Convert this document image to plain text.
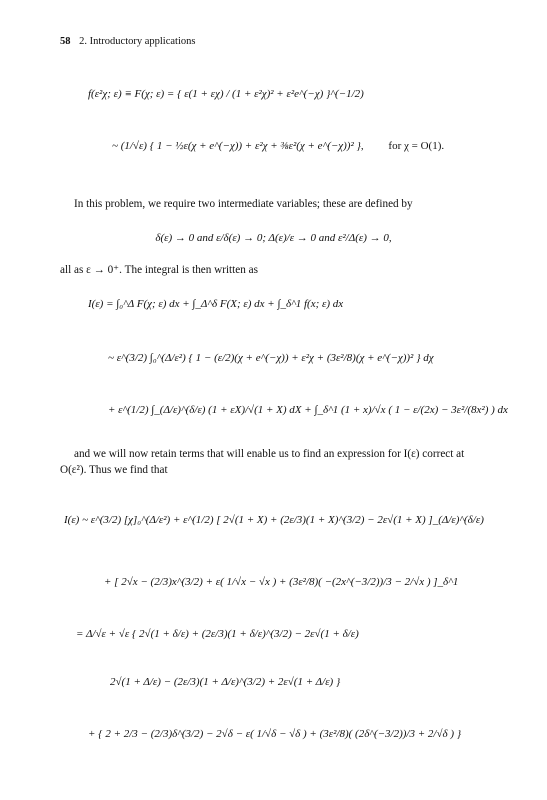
58 2. Introductory applications
f(ε²χ; ε) ≡ F(χ; ε) = { ε(1 + εχ) / (1 + ε²χ)² + ε²e^(−χ) }^(−1/2)
~ (1/√ε) { 1 − ½ε(χ + e^(−χ)) + ε²χ + ⅜ε²(χ + e^(−χ))² }, for χ = O(1).
In this problem, we require two intermediate variables; these are defined by
δ(ε) → 0 and ε/δ(ε) → 0; Δ(ε)/ε → 0 and ε²/Δ(ε) → 0,
all as ε → 0⁺. The integral is then written as
I(ε) = ∫₀^Δ F(χ; ε) dx + ∫_Δ^δ F(X; ε) dx + ∫_δ^1 f(x; ε) dx
~ ε^(3/2) ∫₀^(Δ/ε²) { 1 − (ε/2)(χ + e^(−χ)) + ε²χ + (3ε²/8)(χ + e^(−χ))² } dχ
+ ε^(1/2) ∫_(Δ/ε)^(δ/ε) (1 + εX)/√(1 + X) dX + ∫_δ^1 (1 + x)/√x ( 1 − ε/(2x) − 3ε²/(8x²) ) dx
and we will now retain terms that will enable us to find an expression for I(ε) correct at O(ε²). Thus we find that
I(ε) ~ ε^(3/2) [χ]₀^(Δ/ε²) + ε^(1/2) [ 2√(1 + X) + (2ε/3)(1 + X)^(3/2) − 2ε√(1 + X) ]_(Δ/ε)^(δ/ε)
+ [ 2√x − (2/3)x^(3/2) + ε( 1/√x − √x ) + (3ε²/8)( −(2x^(−3/2))/3 − 2/√x ) ]_δ^1
= Δ/√ε + √ε { 2√(1 + δ/ε) + (2ε/3)(1 + δ/ε)^(3/2) − 2ε√(1 + δ/ε)
2√(1 + Δ/ε) − (2ε/3)(1 + Δ/ε)^(3/2) + 2ε√(1 + Δ/ε) }
+ { 2 + 2/3 − (2/3)δ^(3/2) − 2√δ − ε( 1/√δ − √δ ) + (3ε²/8)( (2δ^(−3/2))/3 + 2/√δ ) }
